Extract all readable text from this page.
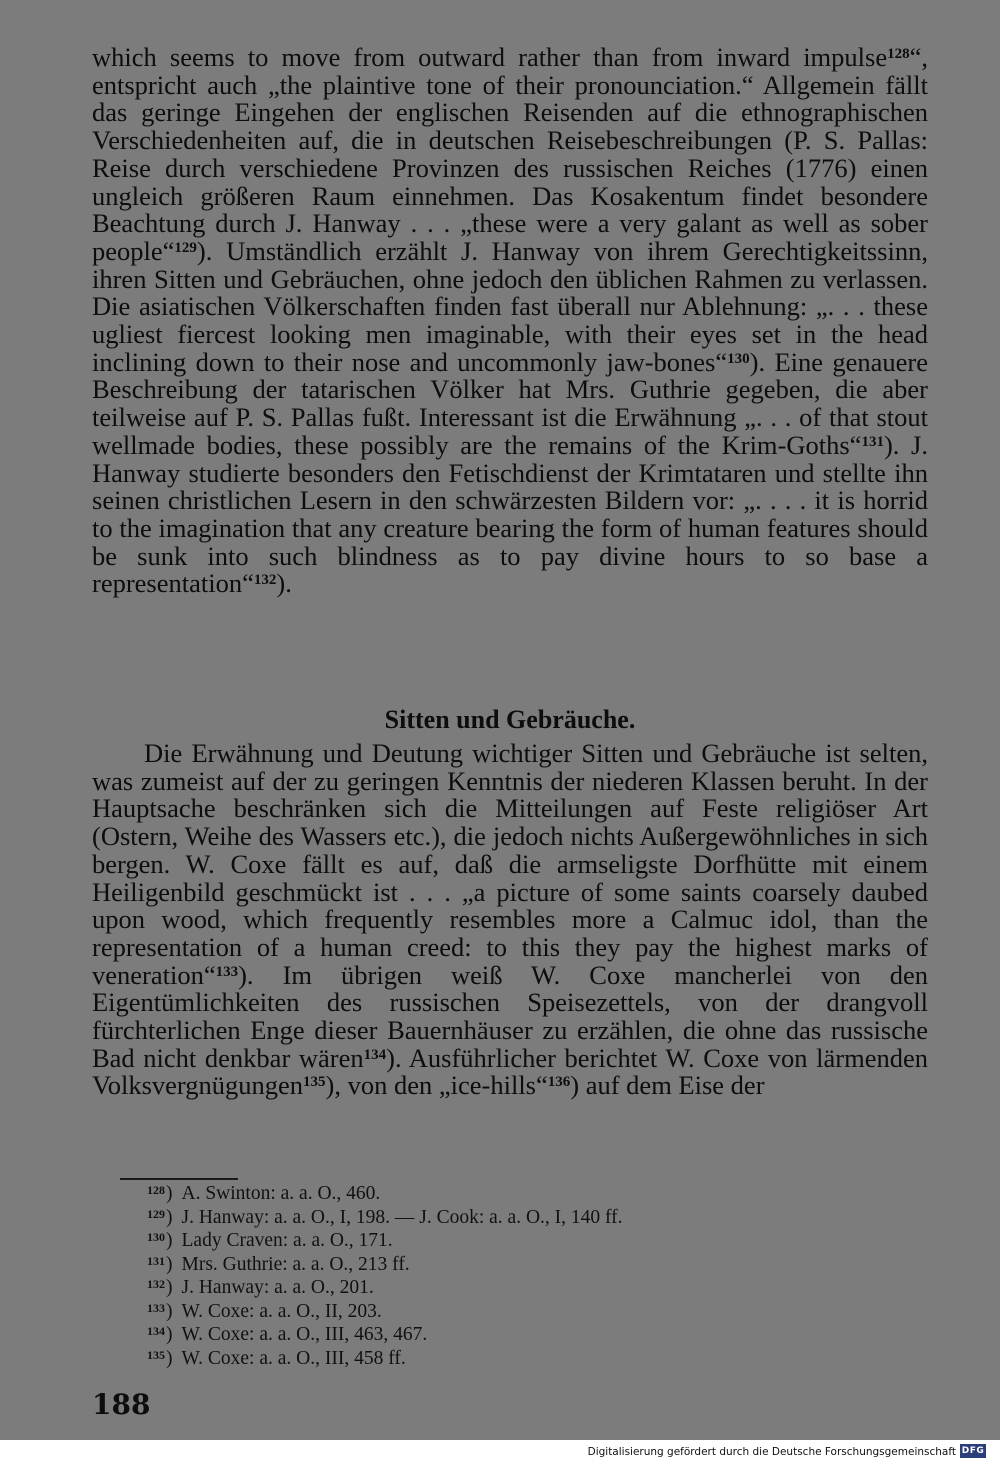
which seems to move from outward rather than from inward impulse$^{128}$“, entspricht auch „the plaintive tone of their pronounciation.“ Allgemein fällt das geringe Eingehen der englischen Reisenden auf die ethnographischen Verschiedenheiten auf, die in deutschen Reisebeschreibungen (P. S. Pallas: Reise durch verschiedene Provinzen des russischen Reiches (1776) einen ungleich größeren Raum einnehmen. Das Kosakentum findet besondere Beachtung durch J. Hanway . . . „these were a very galant as well as sober people“$^{129}$). Umständlich erzählt J. Hanway von ihrem Gerechtigkeitssinn, ihren Sitten und Gebräuchen, ohne jedoch den üblichen Rahmen zu verlassen. Die asiatischen Völkerschaften finden fast überall nur Ablehnung: „. . . these ugliest fiercest looking men imaginable, with their eyes set in the head inclining down to their nose and uncommonly jaw-bones“$^{130}$). Eine genauere Beschreibung der tatarischen Völker hat Mrs. Guthrie gegeben, die aber teilweise auf P. S. Pallas fußt. Interessant ist die Erwähnung „. . . of that stout wellmade bodies, these possibly are the remains of the Krim-Goths“$^{131}$). J. Hanway studierte besonders den Fetischdienst der Krimtataren und stellte ihn seinen christlichen Lesern in den schwärzesten Bildern vor: „. . . . it is horrid to the imagination that any creature bearing the form of human features should be sunk into such blindness as to pay divine hours to so base a representation“$^{132}$).

Sitten und Gebräuche.

Die Erwähnung und Deutung wichtiger Sitten und Gebräuche ist selten, was zumeist auf der zu geringen Kenntnis der niederen Klassen beruht. In der Hauptsache beschränken sich die Mitteilungen auf Feste religiöser Art (Ostern, Weihe des Wassers etc.), die jedoch nichts Außergewöhnliches in sich bergen. W. Coxe fällt es auf, daß die armseligste Dorfhütte mit einem Heiligenbild geschmückt ist . . . „a picture of some saints coarsely daubed upon wood, which frequently resembles more a Calmuc idol, than the representation of a human creed: to this they pay the highest marks of veneration“$^{133}$). Im übrigen weiß W. Coxe mancherlei von den Eigentümlichkeiten des russischen Speisezettels, von der drangvoll fürchterlichen Enge dieser Bauernhäuser zu erzählen, die ohne das russische Bad nicht denkbar wären$^{134}$). Ausführlicher berichtet W. Coxe von lärmenden Volksvergnügungen$^{135}$), von den „ice-hills“$^{136}$) auf dem Eise der

128 ) A. Swinton: a. a. O., 460.
129 ) J. Hanway: a. a. O., I, 198. — J. Cook: a. a. O., I, 140 ff.
130 ) Lady Craven: a. a. O., 171.
131 ) Mrs. Guthrie: a. a. O., 213 ff.
132 ) J. Hanway: a. a. O., 201.
133 ) W. Coxe: a. a. O., II, 203.
134 ) W. Coxe: a. a. O., III, 463, 467.
135 ) W. Coxe: a. a. O., III, 458 ff.
188
Digitalisierung gefördert durch die Deutsche Forschungsgemeinschaft DFG
